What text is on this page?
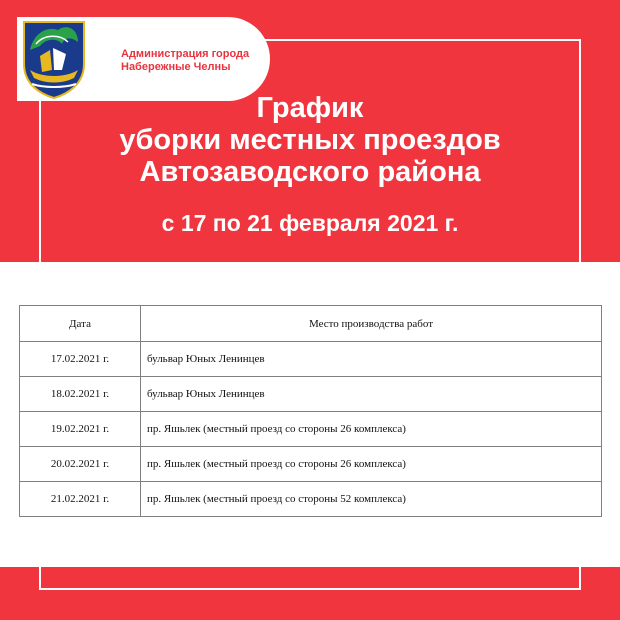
Администрация города
Набережные Челны
График
уборки местных проездов
Автозаводского района
с 17 по 21 февраля 2021 г.
Дата	Место производства работ
17.02.2021 г.	бульвар Юных Ленинцев
18.02.2021 г.	бульвар Юных Ленинцев
19.02.2021 г.	пр. Яшьлек (местный проезд со стороны 26 комплекса)
20.02.2021 г.	пр. Яшьлек (местный проезд со стороны 26 комплекса)
21.02.2021 г.	пр. Яшьлек (местный проезд со стороны 52 комплекса)
